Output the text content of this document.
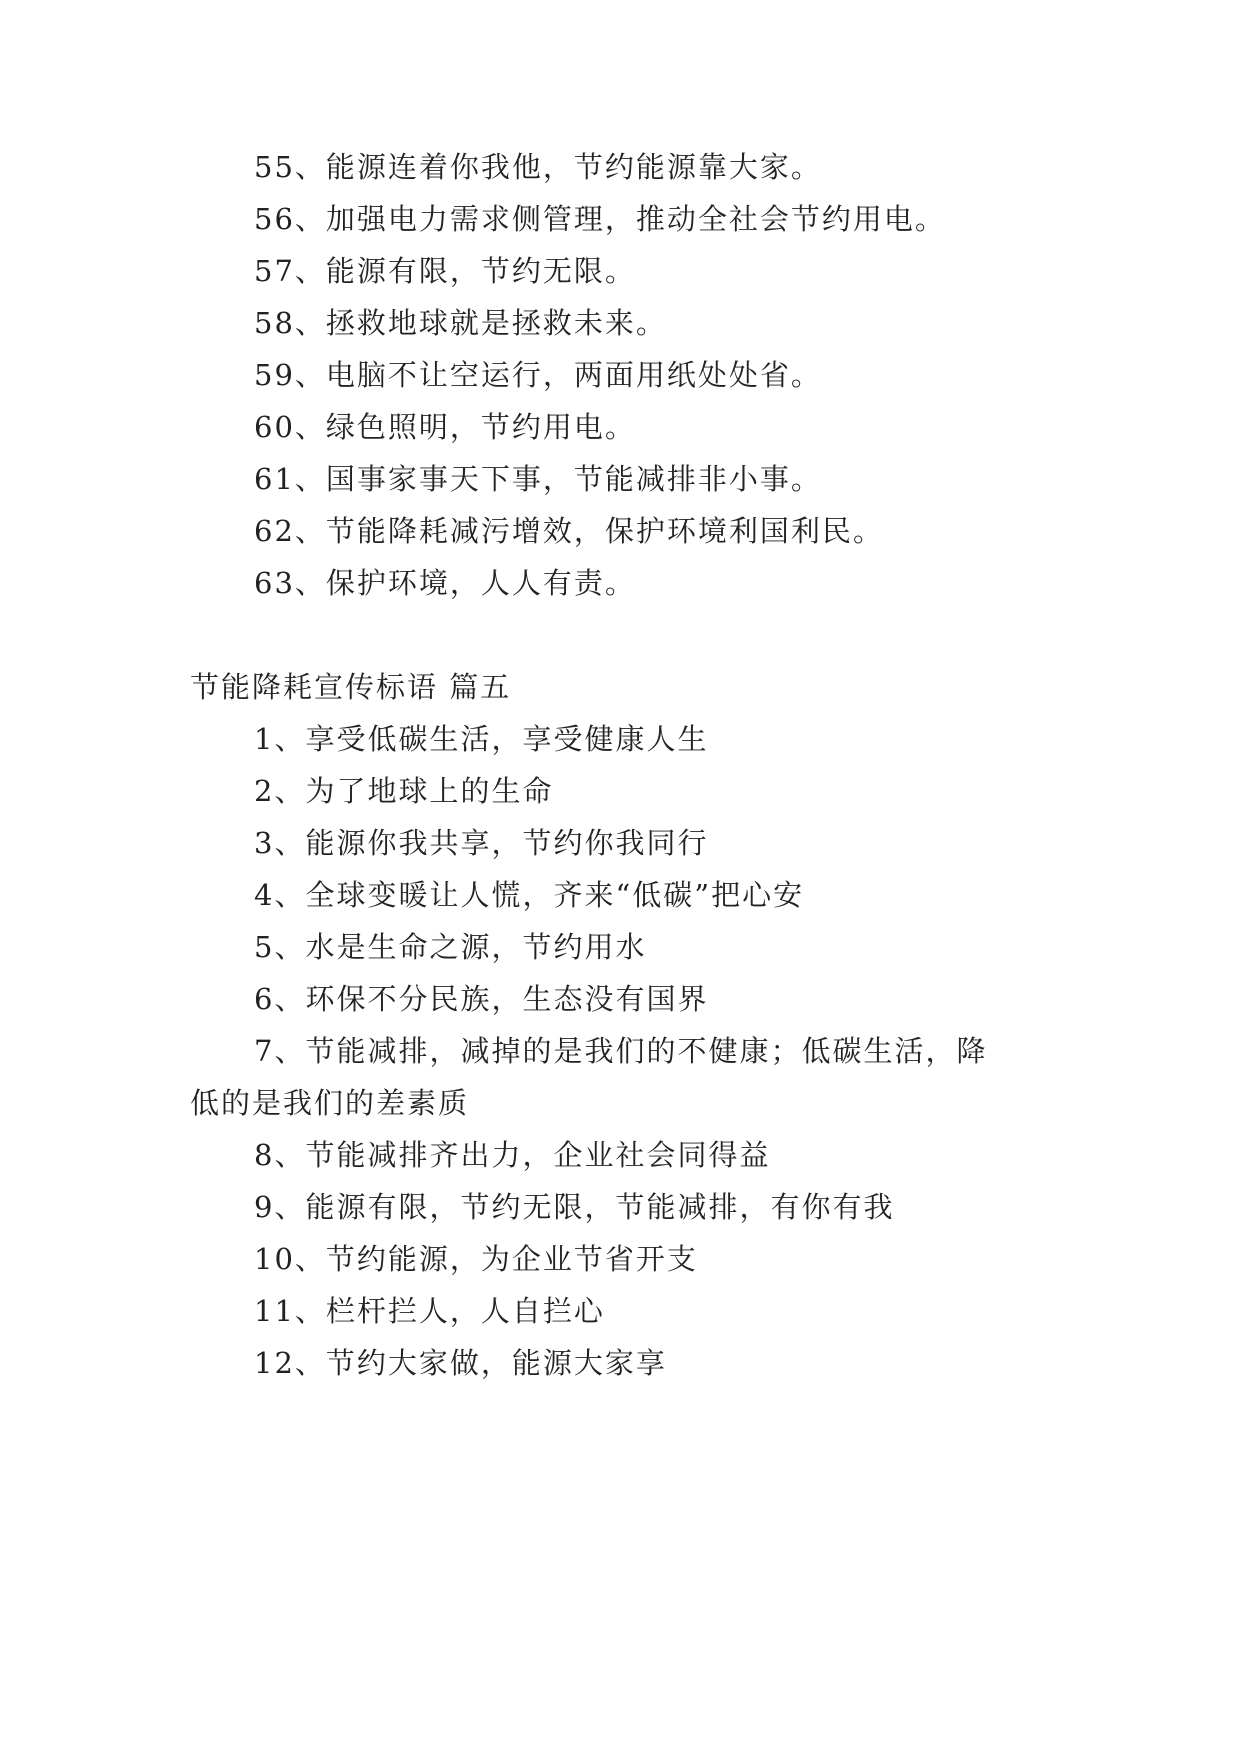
55、能源连着你我他，节约能源靠大家。
56、加强电力需求侧管理，推动全社会节约用电。
57、能源有限，节约无限。
58、拯救地球就是拯救未来。
59、电脑不让空运行，两面用纸处处省。
60、绿色照明，节约用电。
61、国事家事天下事，节能减排非小事。
62、节能降耗减污增效，保护环境利国利民。
63、保护环境，人人有责。
节能降耗宣传标语 篇五
1、享受低碳生活，享受健康人生
2、为了地球上的生命
3、能源你我共享，节约你我同行
4、全球变暖让人慌，齐来“低碳”把心安
5、水是生命之源，节约用水
6、环保不分民族，生态没有国界
7、节能减排，减掉的是我们的不健康；低碳生活，降
低的是我们的差素质
8、节能减排齐出力，企业社会同得益
9、能源有限，节约无限，节能减排，有你有我
10、节约能源，为企业节省开支
11、栏杆拦人，人自拦心
12、节约大家做，能源大家享
